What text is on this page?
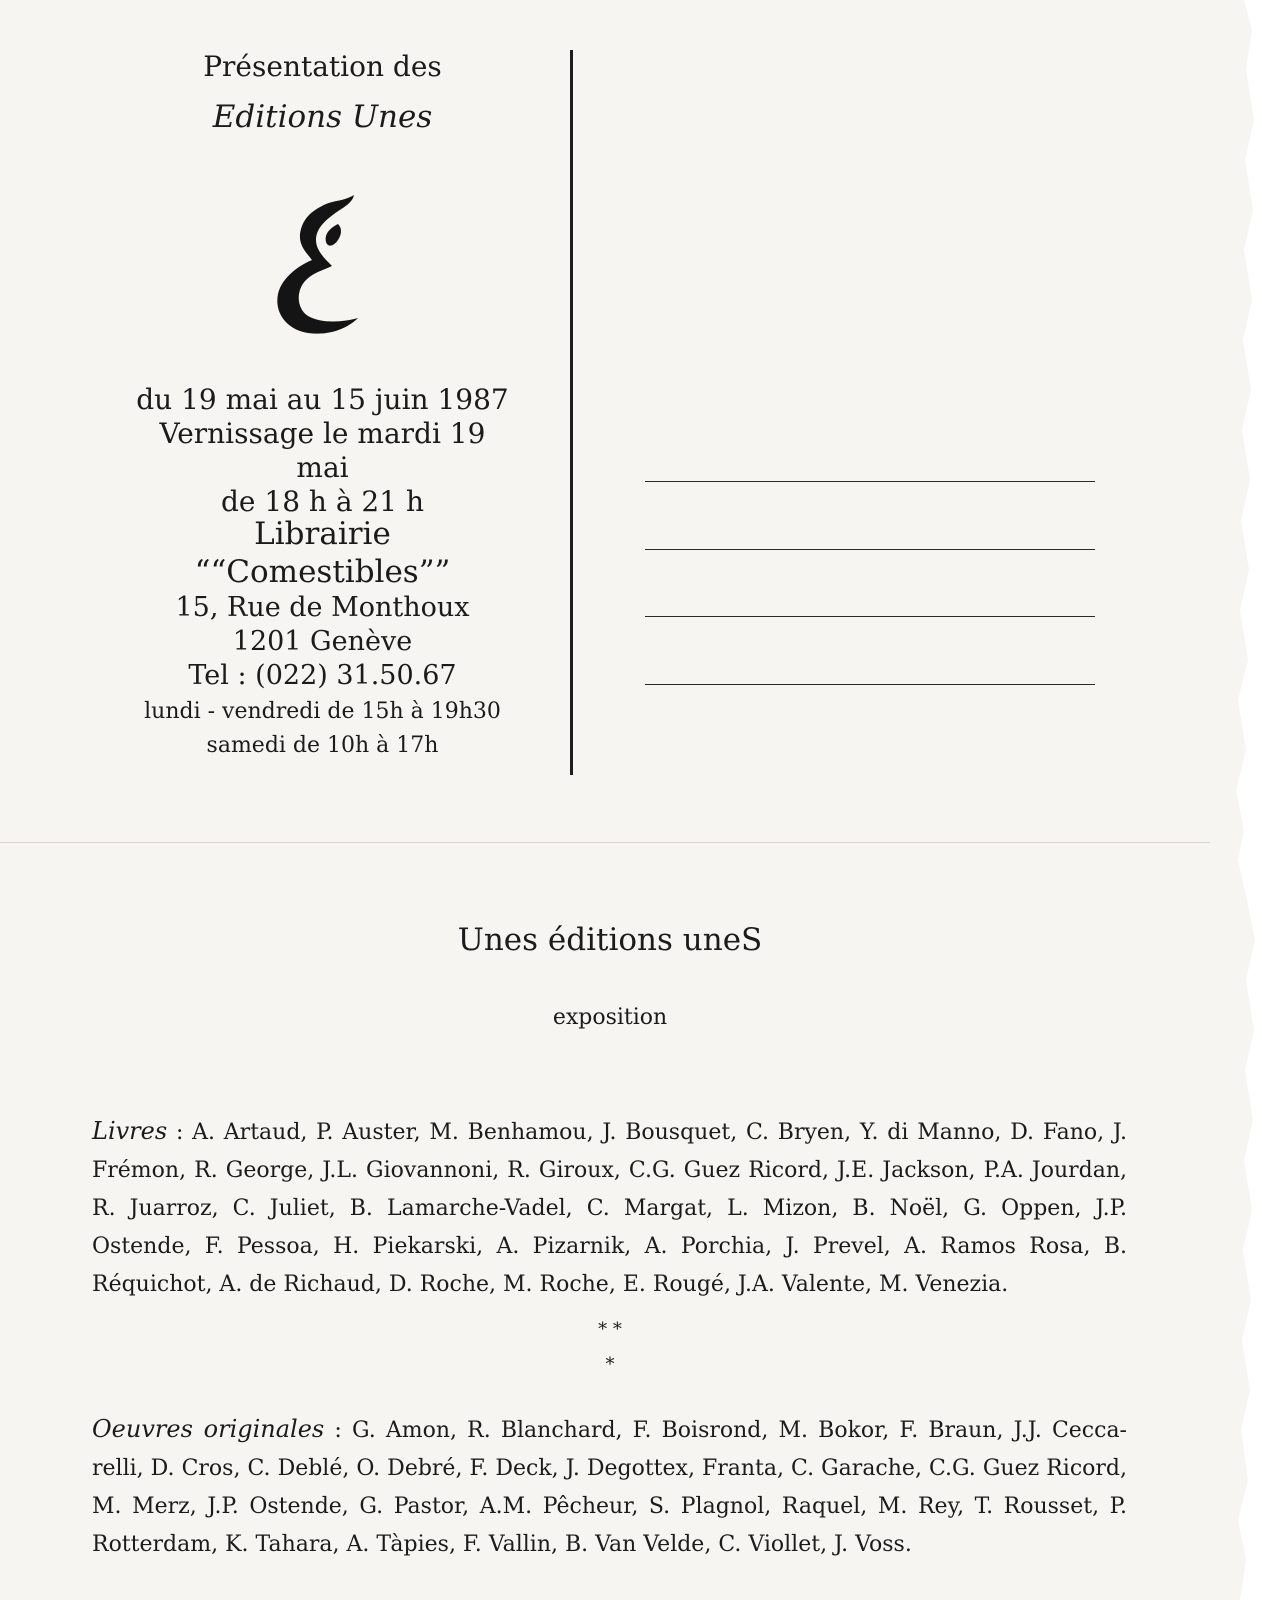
Présentation des
Editions Unes
du 19 mai au 15 juin 1987
Vernissage le mardi 19 mai
de 18 h à 21 h
Librairie ““Comestibles””
15, Rue de Monthoux
1201 Genève
Tel : (022) 31.50.67
lundi - vendredi de 15h à 19h30
samedi de 10h à 17h
Unes éditions uneS
exposition
Livres : A. Artaud, P. Auster, M. Benhamou, J. Bousquet, C. Bryen, Y. di Manno, D. Fano, J. Frémon, R. George, J.L. Giovannoni, R. Giroux, C.G. Guez Ricord, J.E. Jackson, P.A. Jourdan, R. Juarroz, C. Juliet, B. Lamarche-Vadel, C. Margat, L. Mizon, B. Noël, G. Oppen, J.P. Ostende, F. Pessoa, H. Piekarski, A. Pizarnik, A. Porchia, J. Prevel, A. Ramos Rosa, B. Réquichot, A. de Richaud, D. Roche, M. Roche, E. Rougé, J.A. Valente, M. Venezia.
* *
*
Oeuvres originales : G. Amon, R. Blanchard, F. Boisrond, M. Bokor, F. Braun, J.J. Cecca-relli, D. Cros, C. Deblé, O. Debré, F. Deck, J. Degottex, Franta, C. Garache, C.G. Guez Ricord, M. Merz, J.P. Ostende, G. Pastor, A.M. Pêcheur, S. Plagnol, Raquel, M. Rey, T. Rousset, P. Rotterdam, K. Tahara, A. Tàpies, F. Vallin, B. Van Velde, C. Viollet, J. Voss.
